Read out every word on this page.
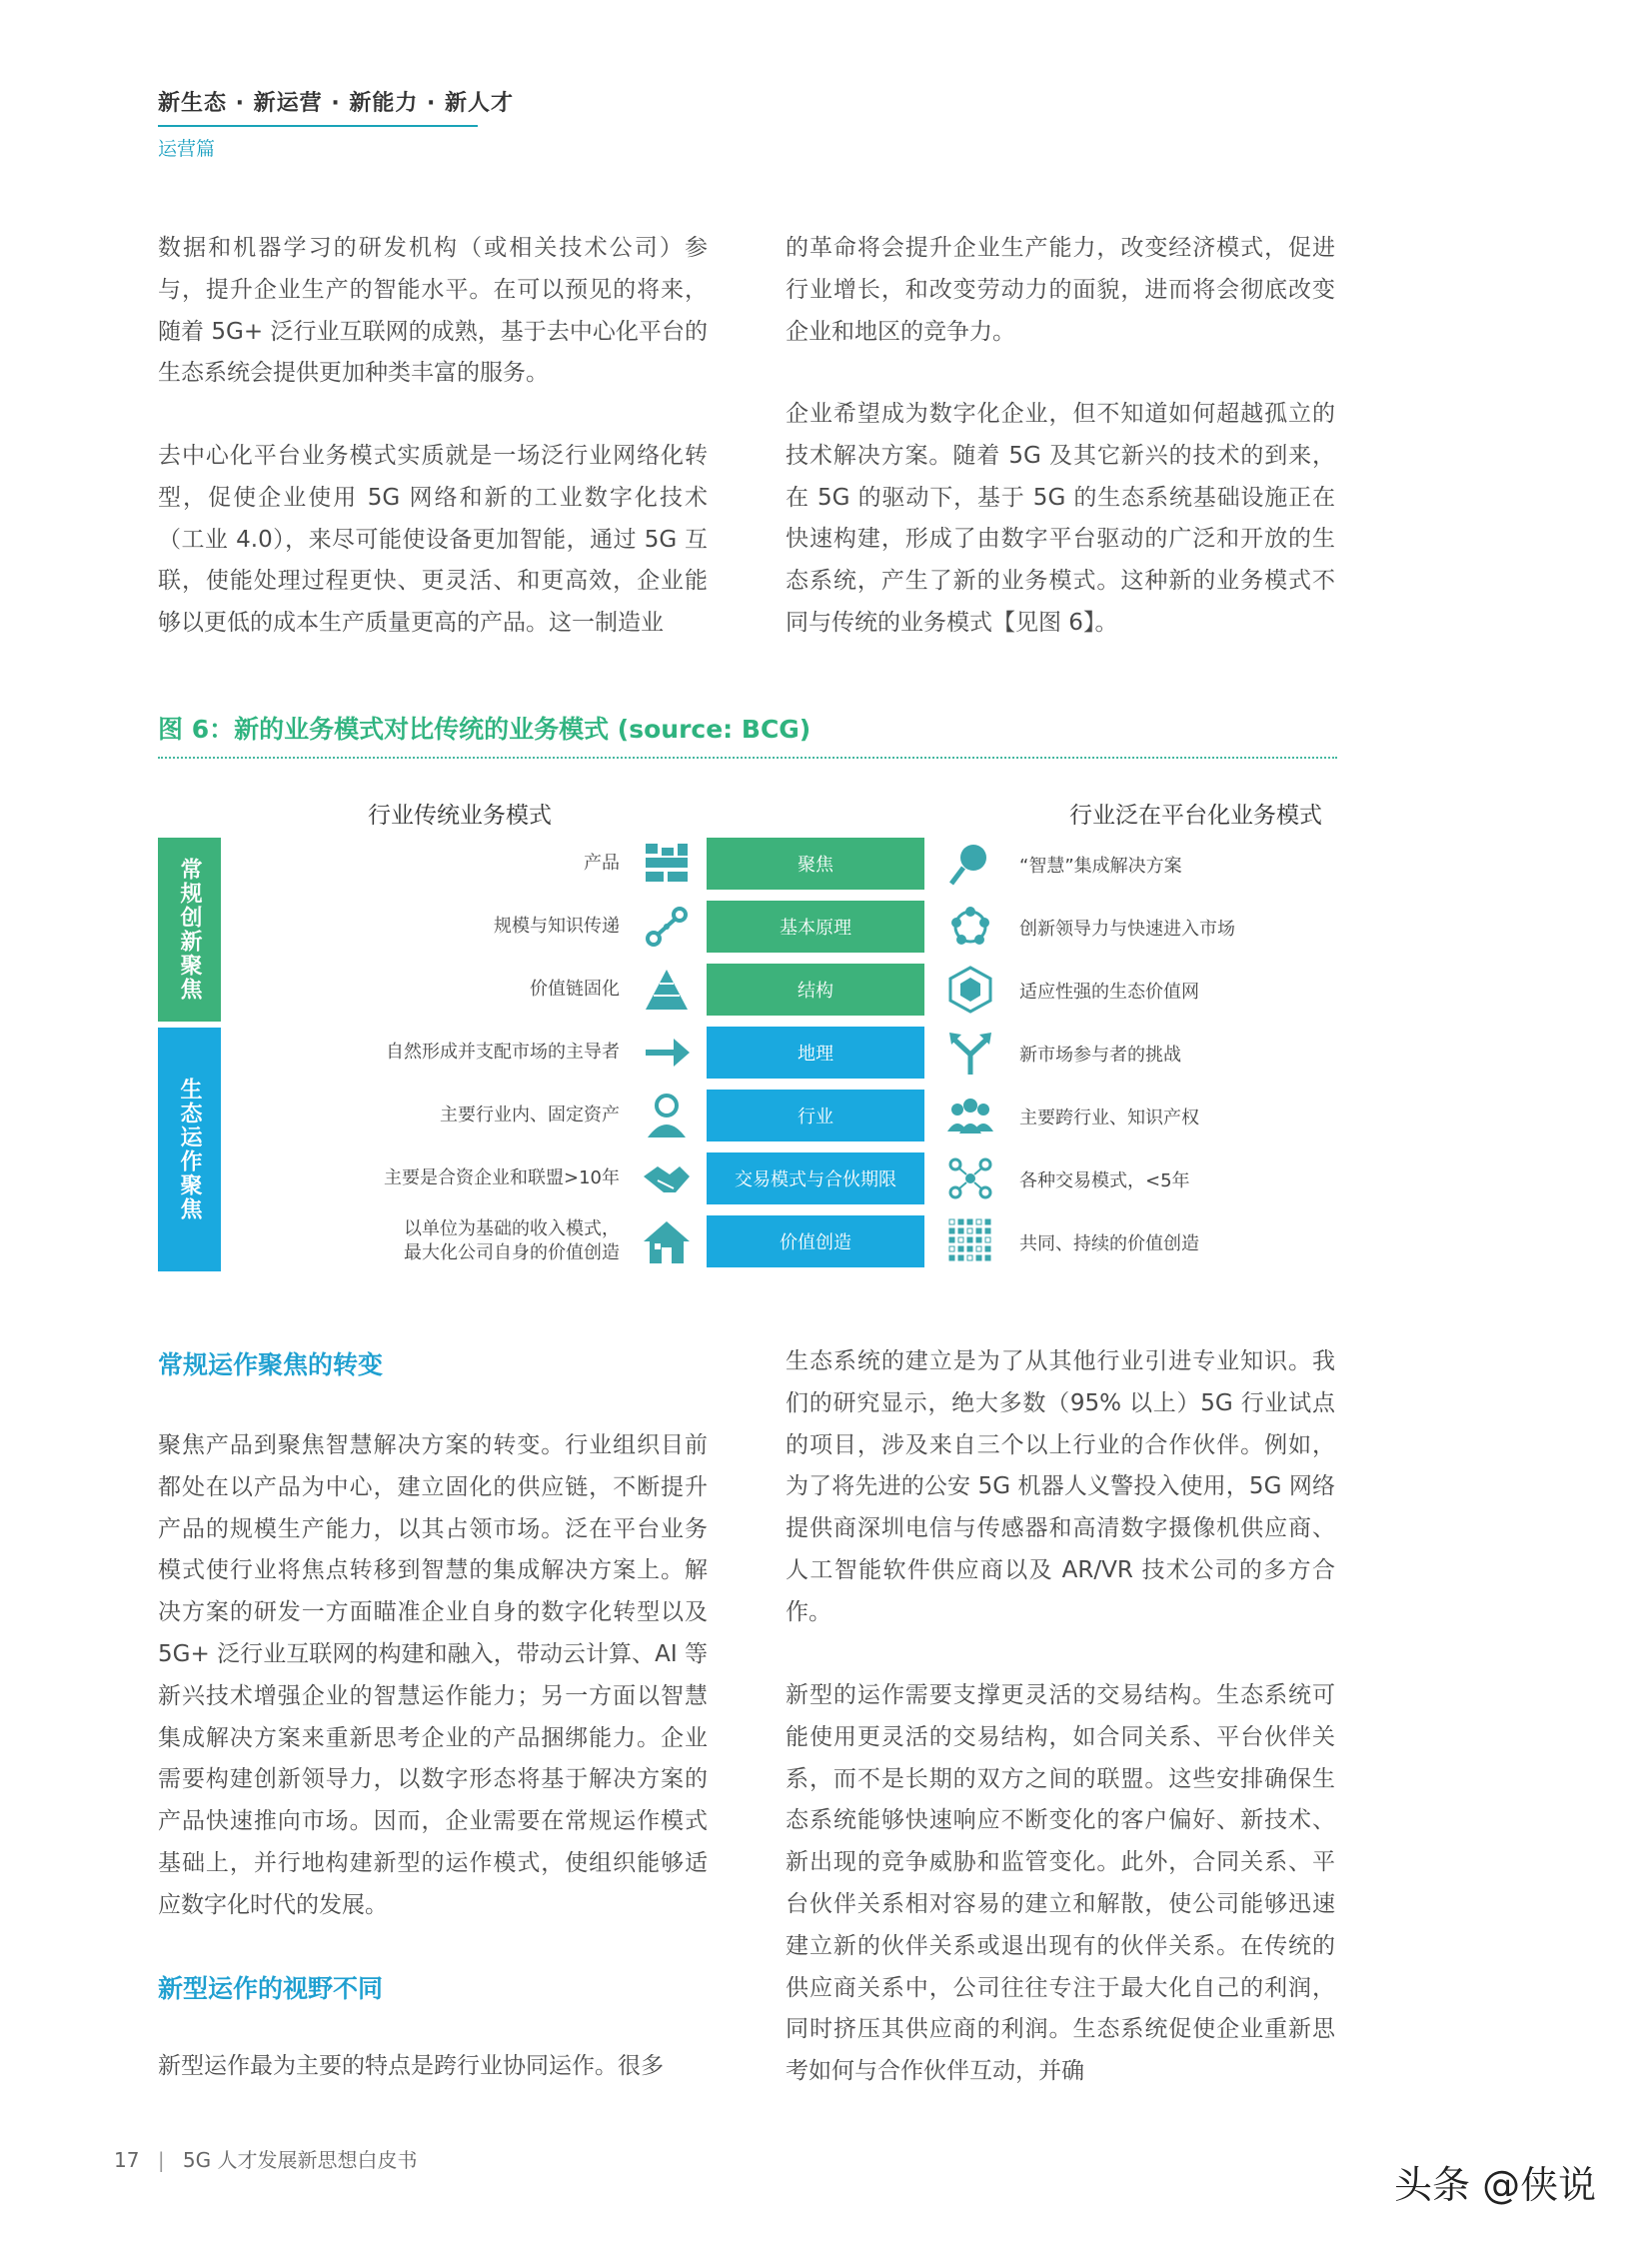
新生态 · 新运营 · 新能力 · 新人才
运营篇

数据和机器学习的研发机构（或相关技术公司）参与，提升企业生产的智能水平。在可以预见的将来，随着 5G+ 泛行业互联网的成熟，基于去中心化平台的生态系统会提供更加种类丰富的服务。

去中心化平台业务模式实质就是一场泛行业网络化转型，促使企业使用 5G 网络和新的工业数字化技术（工业 4.0），来尽可能使设备更加智能，通过 5G 互联，使能处理过程更快、更灵活、和更高效，企业能够以更低的成本生产质量更高的产品。这一制造业

的革命将会提升企业生产能力，改变经济模式，促进行业增长，和改变劳动力的面貌，进而将会彻底改变企业和地区的竞争力。

企业希望成为数字化企业，但不知道如何超越孤立的技术解决方案。随着 5G 及其它新兴的技术的到来，在 5G 的驱动下，基于 5G 的生态系统基础设施正在快速构建，形成了由数字平台驱动的广泛和开放的生态系统，产生了新的业务模式。这种新的业务模式不同与传统的业务模式【见图 6】。

图 6：新的业务模式对比传统的业务模式 (source: BCG)
行业传统业务模式	行业泛在平台化业务模式
常规创新聚焦
生态运作聚焦
产品	聚焦	“智慧”集成解决方案
规模与知识传递	基本原理	创新领导力与快速进入市场
价值链固化	结构	适应性强的生态价值网
自然形成并支配市场的主导者	地理	新市场参与者的挑战
主要行业内、固定资产	行业	主要跨行业、知识产权
主要是合资企业和联盟>10年	交易模式与合伙期限	各种交易模式，<5年
以单位为基础的收入模式，
最大化公司自身的价值创造	价值创造	共同、持续的价值创造
常规运作聚焦的转变

聚焦产品到聚焦智慧解决方案的转变。行业组织目前都处在以产品为中心，建立固化的供应链，不断提升产品的规模生产能力，以其占领市场。泛在平台业务模式使行业将焦点转移到智慧的集成解决方案上。解决方案的研发一方面瞄准企业自身的数字化转型以及 5G+ 泛行业互联网的构建和融入，带动云计算、AI 等新兴技术增强企业的智慧运作能力；另一方面以智慧集成解决方案来重新思考企业的产品捆绑能力。企业需要构建创新领导力，以数字形态将基于解决方案的产品快速推向市场。因而，企业需要在常规运作模式基础上，并行地构建新型的运作模式，使组织能够适应数字化时代的发展。

新型运作的视野不同

新型运作最为主要的特点是跨行业协同运作。很多

生态系统的建立是为了从其他行业引进专业知识。我们的研究显示，绝大多数（95% 以上）5G 行业试点的项目，涉及来自三个以上行业的合作伙伴。例如，为了将先进的公安 5G 机器人义警投入使用，5G 网络提供商深圳电信与传感器和高清数字摄像机供应商、人工智能软件供应商以及 AR/VR 技术公司的多方合作。

新型的运作需要支撑更灵活的交易结构。生态系统可能使用更灵活的交易结构，如合同关系、平台伙伴关系，而不是长期的双方之间的联盟。这些安排确保生态系统能够快速响应不断变化的客户偏好、新技术、新出现的竞争威胁和监管变化。此外，合同关系、平台伙伴关系相对容易的建立和解散，使公司能够迅速建立新的伙伴关系或退出现有的伙伴关系。在传统的供应商关系中，公司往往专注于最大化自己的利润，同时挤压其供应商的利润。生态系统促使企业重新思考如何与合作伙伴互动，并确

17 | 5G 人才发展新思想白皮书
头条 @侠说
